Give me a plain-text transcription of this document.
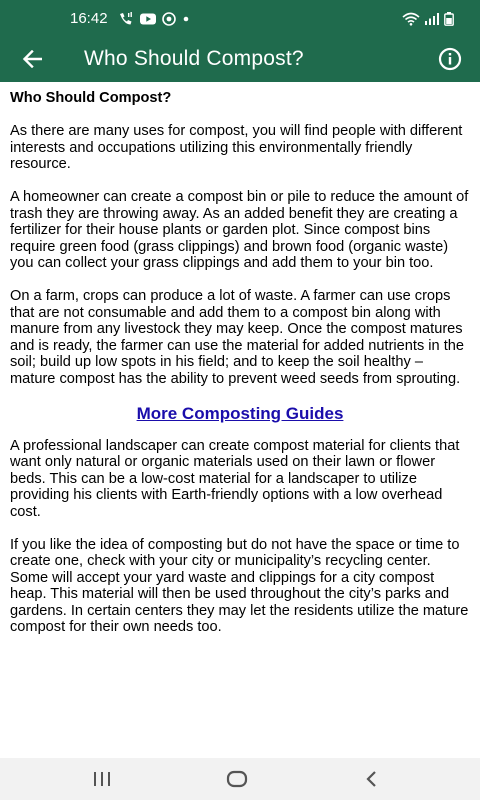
16:42
Who Should Compost?
Who Should Compost?

As there are many uses for compost, you will find people with different interests and occupations utilizing this environmentally friendly resource.

A homeowner can create a compost bin or pile to reduce the amount of trash they are throwing away. As an added benefit they are creating a fertilizer for their house plants or garden plot. Since compost bins require green food (grass clippings) and brown food (organic waste) you can collect your grass clippings and add them to your bin too.

On a farm, crops can produce a lot of waste. A farmer can use crops that are not consumable and add them to a compost bin along with manure from any livestock they may keep. Once the compost matures and is ready, the farmer can use the material for added nutrients in the soil; build up low spots in his field; and to keep the soil healthy – mature compost has the ability to prevent weed seeds from sprouting.

More Composting Guides

A professional landscaper can create compost material for clients that want only natural or organic materials used on their lawn or flower beds. This can be a low-cost material for a landscaper to utilize providing his clients with Earth-friendly options with a low overhead cost.

If you like the idea of composting but do not have the space or time to create one, check with your city or municipality’s recycling center. Some will accept your yard waste and clippings for a city compost heap. This material will then be used throughout the city’s parks and gardens. In certain centers they may let the residents utilize the mature compost for their own needs too.
